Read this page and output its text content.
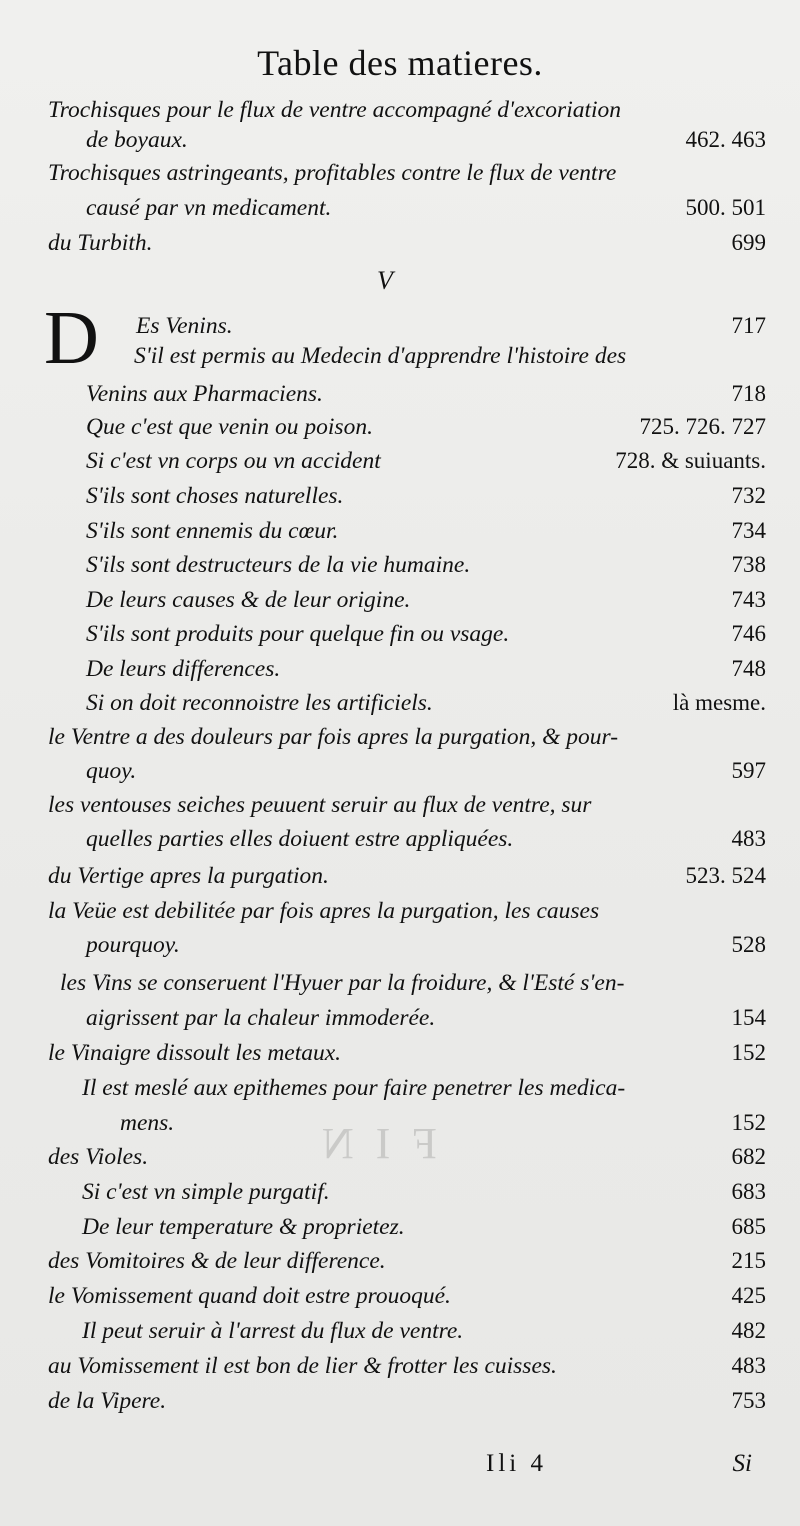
Table des matieres.
FIN
V
D
Trochisques pour le flux de ventre accompagné d'excoriation
de boyaux.	462. 463
Trochisques astringeants, profitables contre le flux de ventre
causé par vn medicament.	500. 501
du Turbith.	699
Es Venins.	717
S'il est permis au Medecin d'apprendre l'histoire des
Venins aux Pharmaciens.	718
Que c'est que venin ou poison.	725. 726. 727
Si c'est vn corps ou vn accident	728. & suiuants.
S'ils sont choses naturelles.	732
S'ils sont ennemis du cœur.	734
S'ils sont destructeurs de la vie humaine.	738
De leurs causes & de leur origine.	743
S'ils sont produits pour quelque fin ou vsage.	746
De leurs differences.	748
Si on doit reconnoistre les artificiels.	là mesme.
le Ventre a des douleurs par fois apres la purgation, & pour-
quoy.	597
les ventouses seiches peuuent seruir au flux de ventre, sur
quelles parties elles doiuent estre appliquées.	483
du Vertige apres la purgation.	523. 524
la Veüe est debilitée par fois apres la purgation, les causes
pourquoy.	528
les Vins se conseruent l'Hyuer par la froidure, & l'Esté s'en-
aigrissent par la chaleur immoderée.	154
le Vinaigre dissoult les metaux.	152
Il est meslé aux epithemes pour faire penetrer les medica-
mens.	152
des Violes.	682
Si c'est vn simple purgatif.	683
De leur temperature & proprietez.	685
des Vomitoires & de leur difference.	215
le Vomissement quand doit estre prouoqué.	425
Il peut seruir à l'arrest du flux de ventre.	482
au Vomissement il est bon de lier & frotter les cuisses.	483
de la Vipere.	753
Ili 4	Si
